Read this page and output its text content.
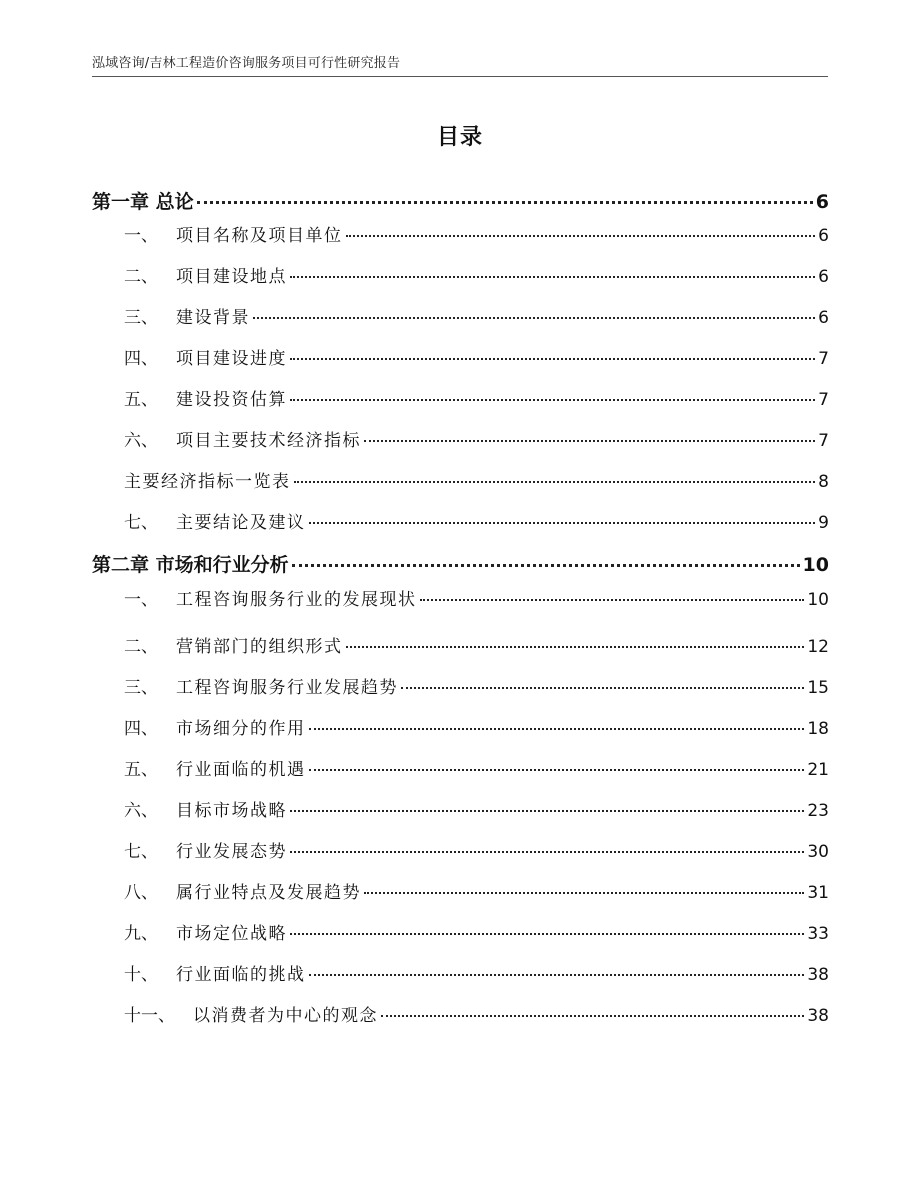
泓域咨询/吉林工程造价咨询服务项目可行性研究报告
目录
第一章 总论	6
一、 项目名称及项目单位	6
二、 项目建设地点	6
三、 建设背景	6
四、 项目建设进度	7
五、 建设投资估算	7
六、 项目主要技术经济指标	7
主要经济指标一览表	8
七、 主要结论及建议	9
第二章 市场和行业分析	10
一、 工程咨询服务行业的发展现状	10
二、 营销部门的组织形式	12
三、 工程咨询服务行业发展趋势	15
四、 市场细分的作用	18
五、 行业面临的机遇	21
六、 目标市场战略	23
七、 行业发展态势	30
八、 属行业特点及发展趋势	31
九、 市场定位战略	33
十、 行业面临的挑战	38
十一、 以消费者为中心的观念	38
